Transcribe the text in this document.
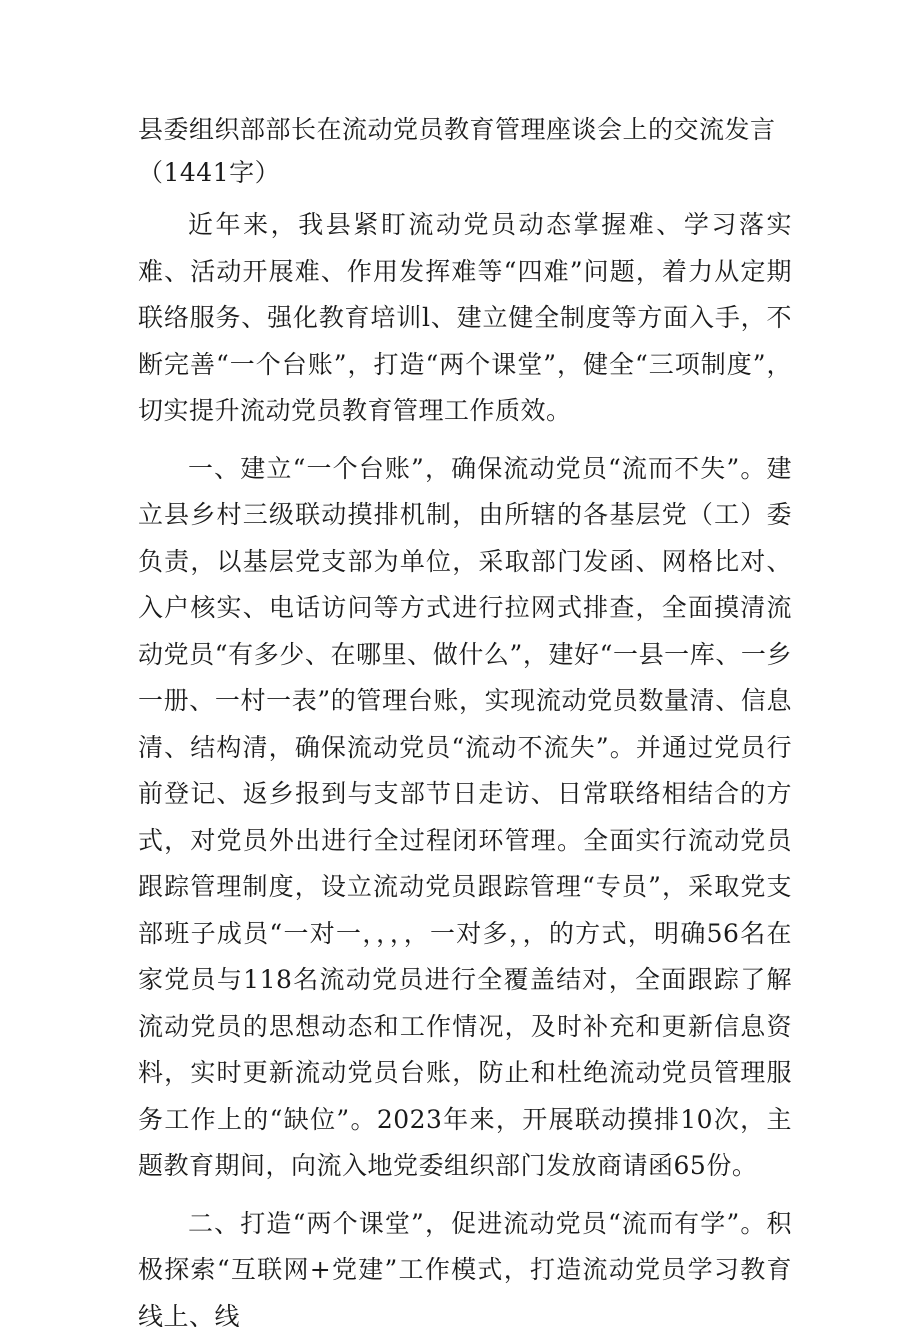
县委组织部部长在流动党员教育管理座谈会上的交流发言（1441字）

近年来，我县紧盯流动党员动态掌握难、学习落实难、活动开展难、作用发挥难等“四难”问题，着力从定期联络服务、强化教育培训l、建立健全制度等方面入手，不断完善“一个台账”，打造“两个课堂”，健全“三项制度”，切实提升流动党员教育管理工作质效。

一、建立“一个台账”，确保流动党员“流而不失”。建立县乡村三级联动摸排机制，由所辖的各基层党（工）委负责，以基层党支部为单位，采取部门发函、网格比对、入户核实、电话访问等方式进行拉网式排查，全面摸清流动党员“有多少、在哪里、做什么”，建好“一县一库、一乡一册、一村一表”的管理台账，实现流动党员数量清、信息清、结构清，确保流动党员“流动不流失”。并通过党员行前登记、返乡报到与支部节日走访、日常联络相结合的方式，对党员外出进行全过程闭环管理。全面实行流动党员跟踪管理制度，设立流动党员跟踪管理“专员”，采取党支部班子成员“一对一，，，，一对多，，的方式，明确56名在家党员与118名流动党员进行全覆盖结对，全面跟踪了解流动党员的思想动态和工作情况，及时补充和更新信息资料，实时更新流动党员台账，防止和杜绝流动党员管理服务工作上的“缺位”。2023年来，开展联动摸排10次，主题教育期间，向流入地党委组织部门发放商请函65份。

二、打造“两个课堂”，促进流动党员“流而有学”。积极探索“互联网+党建”工作模式，打造流动党员学习教育线上、线
